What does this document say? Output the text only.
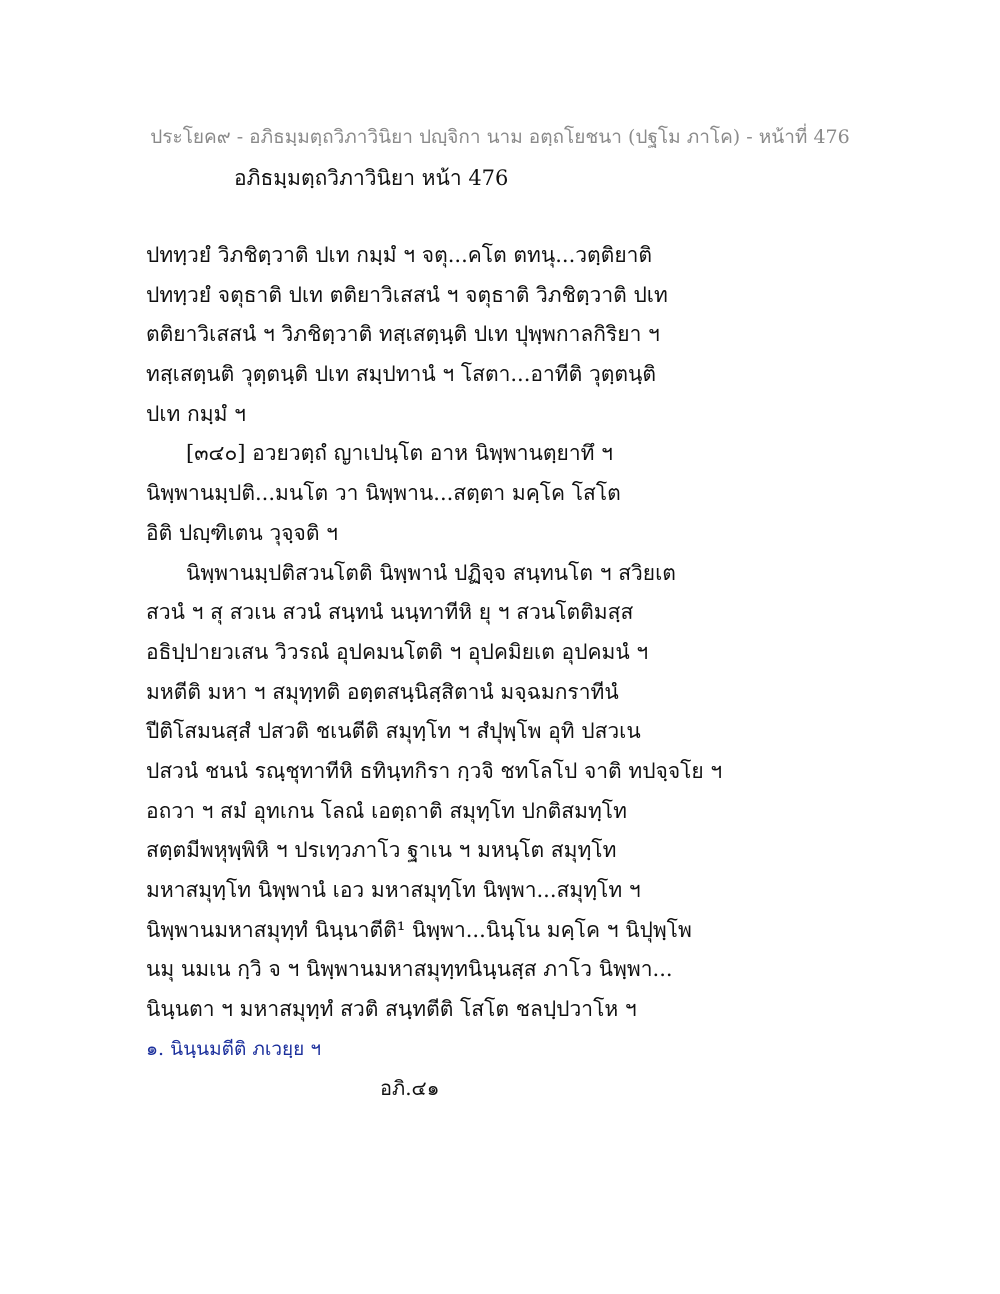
ประโยค๙ - อภิธมฺมตฺถวิภาวินิยา ปญฺจิกา นาม อตฺถโยชนา (ปฐโม ภาโค) - หน้าที่ 476
อภิธมฺมตฺถวิภาวินิยา หน้า 476
ปททฺวยํ วิภชิตฺวาติ ปเท กมฺมํ ฯ จตุ...คโต ตทนุ...วตฺติยาติ
ปททฺวยํ จตุธาติ ปเท ตติยาวิเสสนํ ฯ จตุธาติ วิภชิตฺวาติ ปเท
ตติยาวิเสสนํ ฯ วิภชิตฺวาติ ทสฺเสตฺนฺติ ปเท ปุพฺพกาลกิริยา ฯ
ทสฺเสตฺนติ วุตฺตนฺติ ปเท สมฺปทานํ ฯ โสตา...อาทีติ วุตฺตนฺติ
ปเท กมฺมํ ฯ
[๓๔๐] อวยวตฺถํ ญาเปนฺโต อาห นิพฺพานตฺยาทึ ฯ
นิพฺพานมฺปติ...มนโต วา นิพฺพาน...สตฺตา มคฺโค โสโต
อิติ ปญฺฑิเตน วุจฺจติ ฯ
นิพฺพานมฺปติสวนโตติ นิพฺพานํ ปฏิจฺจ สนฺทนโต ฯ สวิยเต
สวนํ ฯ สุ สวเน สวนํ สนฺทนํ นนฺทาทีหิ ยุ ฯ สวนโตติมสฺส
อธิปฺปายวเสน วิวรณํ อุปคมนโตติ ฯ อุปคมิยเต อุปคมนํ ฯ
มหตีติ มหา ฯ สมุทฺทติ อตฺตสนฺนิสฺสิตานํ มจฺฉมกราทีนํ
ปีติโสมนสฺสํ ปสวติ ชเนตีติ สมุทฺโท ฯ สํปุพฺโพ อุทิ ปสวเน
ปสวนํ ชนนํ รณฺชุทาทีหิ ธทินฺทกิรา กฺวจิ ชทโลโป จาติ ทปจฺจโย ฯ
อถวา ฯ สมํ อุทเกน โลณํ เอตฺถาติ สมุทฺโท ปกติสมทฺโท
สตฺตมีพหุพฺพิหิ ฯ ปรเทฺวภาโว ฐาเน ฯ มหนฺโต สมุทฺโท
มหาสมุทฺโท นิพฺพานํ เอว มหาสมุทฺโท นิพฺพา...สมุทฺโท ฯ
นิพฺพานมหาสมุทฺทํ นินฺนาตีติ¹ นิพฺพา...นินฺโน มคฺโค ฯ นิปุพฺโพ
นมุ นมเน กฺวิ จ ฯ นิพฺพานมหาสมุทฺทนินฺนสฺส ภาโว นิพฺพา...
นินฺนตา ฯ มหาสมุทฺทํ สวติ สนฺทตีติ โสโต ชลปฺปวาโห ฯ
๑. นินฺนมตีติ ภเวยฺย ฯ
อภิ.๔๑
